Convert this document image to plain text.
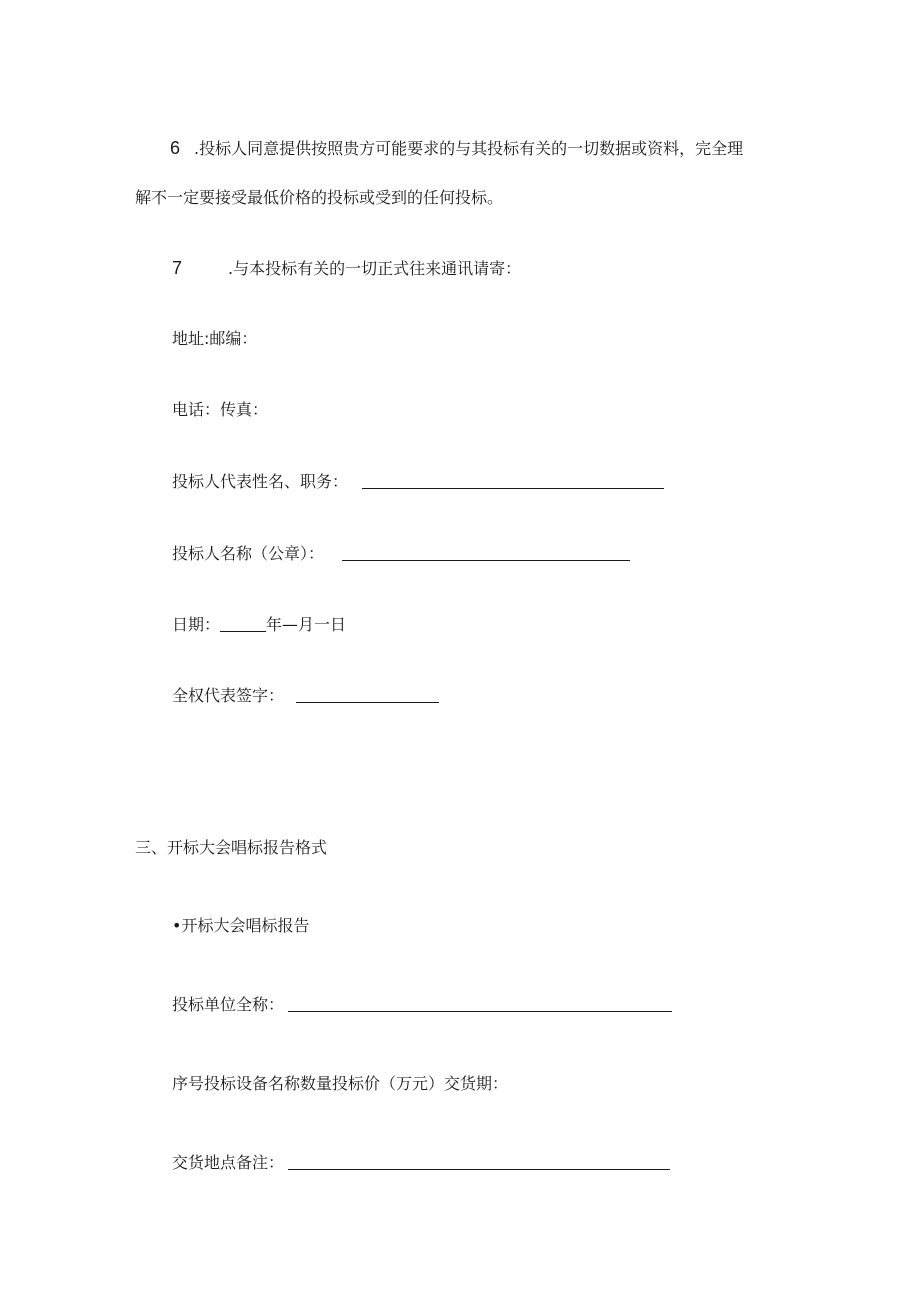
6 .投标人同意提供按照贵方可能要求的与其投标有关的一切数据或资料，完全理
解不一定要接受最低价格的投标或受到的任何投标。
7	.与本投标有关的一切正式往来通讯请寄：
地址:邮编：
电话：传真：
投标人代表性名、职务：
投标人名称（公章）：
日期：	年—月一日
全权代表签字：
三、开标大会唱标报告格式
•开标大会唱标报告
投标单位全称：
序号投标设备名称数量投标价（万元）交货期：
交货地点备注：
